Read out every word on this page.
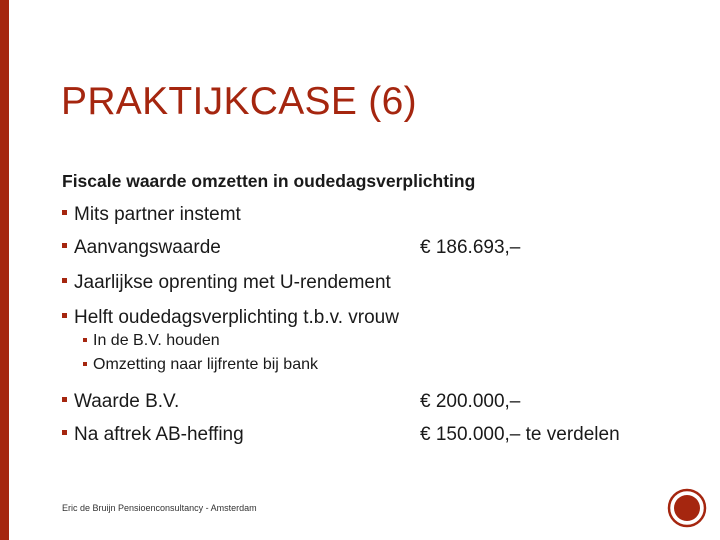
PRAKTIJKCASE (6)
Fiscale waarde omzetten in oudedagsverplichting
Mits partner instemt
Aanvangswaarde	€ 186.693,–
Jaarlijkse oprenting met U-rendement
Helft oudedagsverplichting t.b.v. vrouw
In de B.V. houden
Omzetting naar lijfrente bij bank
Waarde B.V.	€ 200.000,–
Na aftrek AB-heffing	€ 150.000,– te verdelen
Eric de Bruijn Pensioenconsultancy - Amsterdam
